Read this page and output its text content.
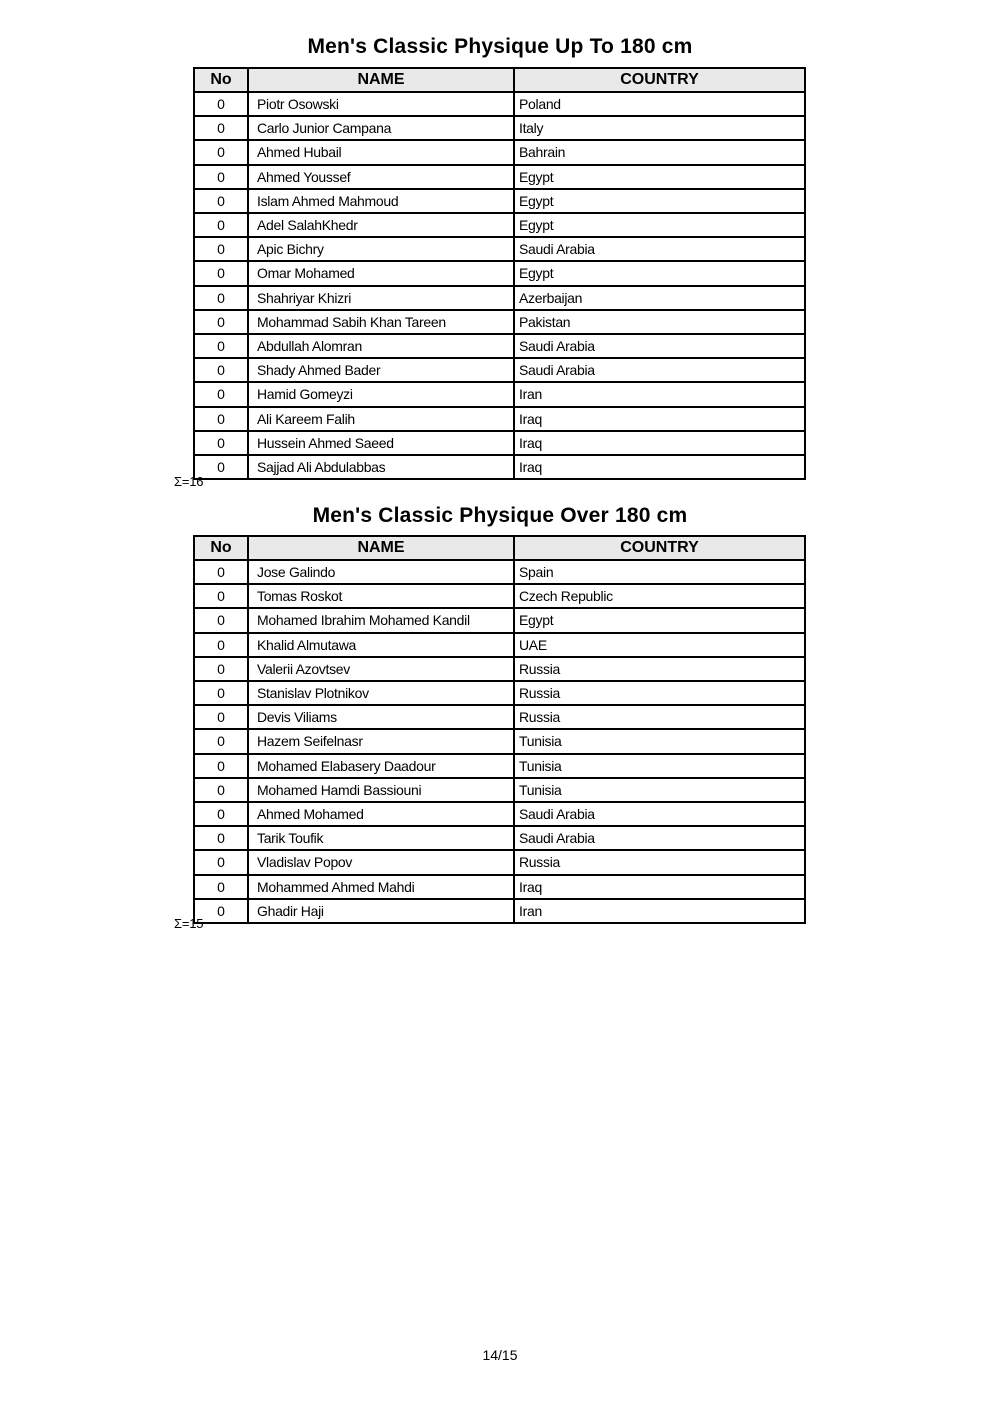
Men's Classic Physique Up To 180 cm
No	NAME	COUNTRY
0	Piotr Osowski	Poland
0	Carlo Junior Campana	Italy
0	Ahmed Hubail	Bahrain
0	Ahmed Youssef	Egypt
0	Islam Ahmed Mahmoud	Egypt
0	Adel SalahKhedr	Egypt
0	Apic Bichry	Saudi Arabia
0	Omar Mohamed	Egypt
0	Shahriyar Khizri	Azerbaijan
0	Mohammad Sabih Khan Tareen	Pakistan
0	Abdullah Alomran	Saudi Arabia
0	Shady Ahmed Bader	Saudi Arabia
0	Hamid Gomeyzi	Iran
0	Ali Kareem Falih	Iraq
0	Hussein Ahmed Saeed	Iraq
0	Sajjad Ali Abdulabbas	Iraq
Σ=16
Men's Classic Physique Over 180 cm
No	NAME	COUNTRY
0	Jose Galindo	Spain
0	Tomas Roskot	Czech Republic
0	Mohamed Ibrahim Mohamed Kandil	Egypt
0	Khalid Almutawa	UAE
0	Valerii Azovtsev	Russia
0	Stanislav Plotnikov	Russia
0	Devis Viliams	Russia
0	Hazem Seifelnasr	Tunisia
0	Mohamed Elabasery Daadour	Tunisia
0	Mohamed Hamdi Bassiouni	Tunisia
0	Ahmed Mohamed	Saudi Arabia
0	Tarik Toufik	Saudi Arabia
0	Vladislav Popov	Russia
0	Mohammed Ahmed Mahdi	Iraq
0	Ghadir Haji	Iran
Σ=15
14/15
